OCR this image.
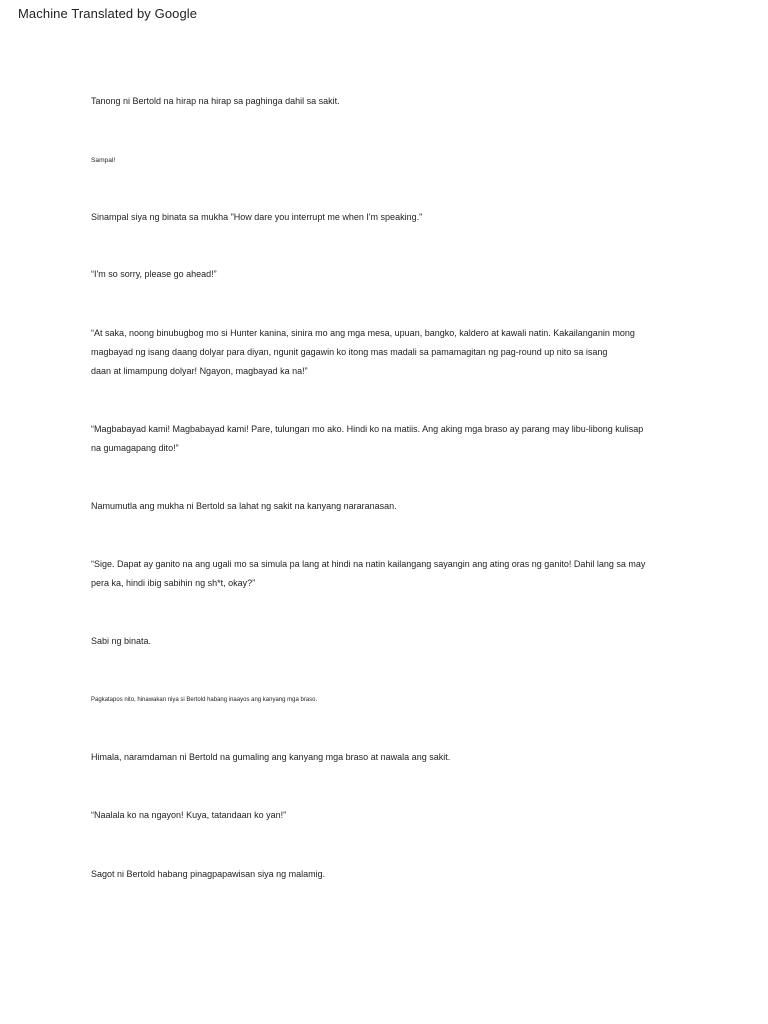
Machine Translated by Google
Tanong ni Bertold na hirap na hirap sa paghinga dahil sa sakit.
Sampal!
Sinampal siya ng binata sa mukha "How dare you interrupt me when I'm speaking."
“I'm so sorry, please go ahead!”
“At saka, noong binubugbog mo si Hunter kanina, sinira mo ang mga mesa, upuan, bangko, kaldero at kawali natin. Kakailanganin mong
magbayad ng isang daang dolyar para diyan, ngunit gagawin ko itong mas madali sa pamamagitan ng pag-round up nito sa isang
daan at limampung dolyar! Ngayon, magbayad ka na!”
“Magbabayad kami! Magbabayad kami! Pare, tulungan mo ako. Hindi ko na matiis. Ang aking mga braso ay parang may libu-libong kulisap
na gumagapang dito!”
Namumutla ang mukha ni Bertold sa lahat ng sakit na kanyang nararanasan.
“Sige. Dapat ay ganito na ang ugali mo sa simula pa lang at hindi na natin kailangang sayangin ang ating oras ng ganito! Dahil lang sa may
pera ka, hindi ibig sabihin ng sh*t, okay?”
Sabi ng binata.
Pagkatapos nito, hinawakan niya si Bertold habang inaayos ang kanyang mga braso.
Himala, naramdaman ni Bertold na gumaling ang kanyang mga braso at nawala ang sakit.
“Naalala ko na ngayon! Kuya, tatandaan ko yan!”
Sagot ni Bertold habang pinagpapawisan siya ng malamig.
